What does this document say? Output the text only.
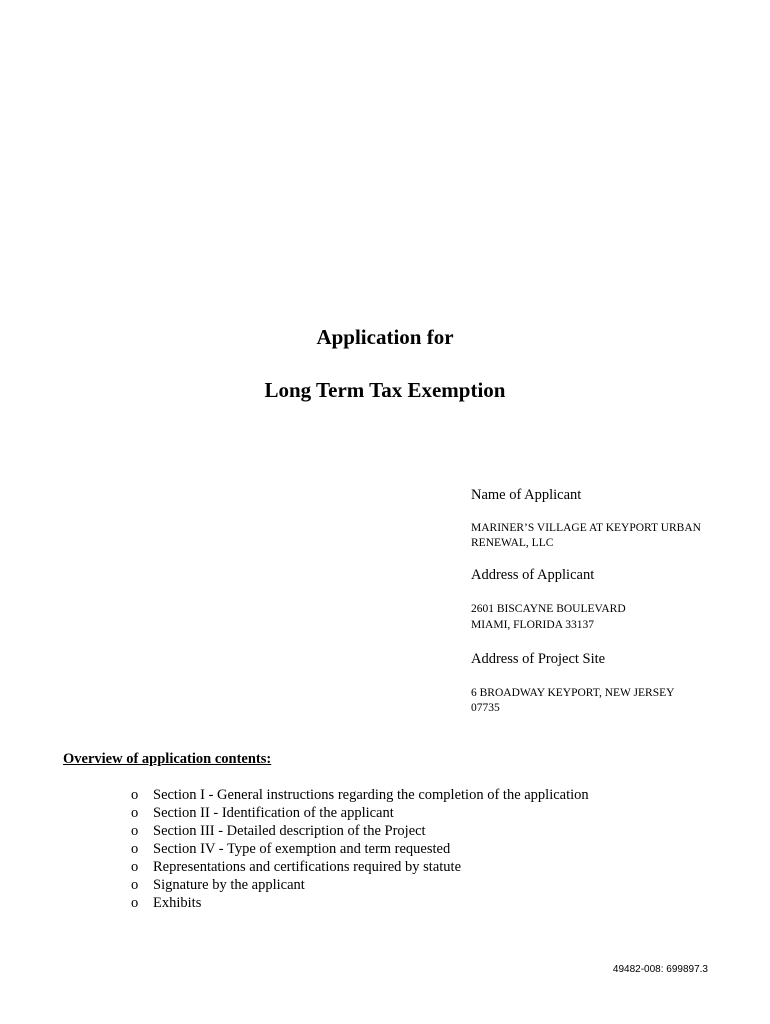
Application for
Long Term Tax Exemption
Name of Applicant
MARINER’S VILLAGE AT KEYPORT URBAN
RENEWAL, LLC
Address of Applicant
2601 BISCAYNE BOULEVARD
MIAMI, FLORIDA 33137
Address of Project Site
6 BROADWAY KEYPORT, NEW JERSEY
07735
Overview of application contents:
o	Section I - General instructions regarding the completion of the application
o	Section II - Identification of the applicant
o	Section III - Detailed description of the Project
o	Section IV - Type of exemption and term requested
o	Representations and certifications required by statute
o	Signature by the applicant
o	Exhibits
49482-008: 699897.3
